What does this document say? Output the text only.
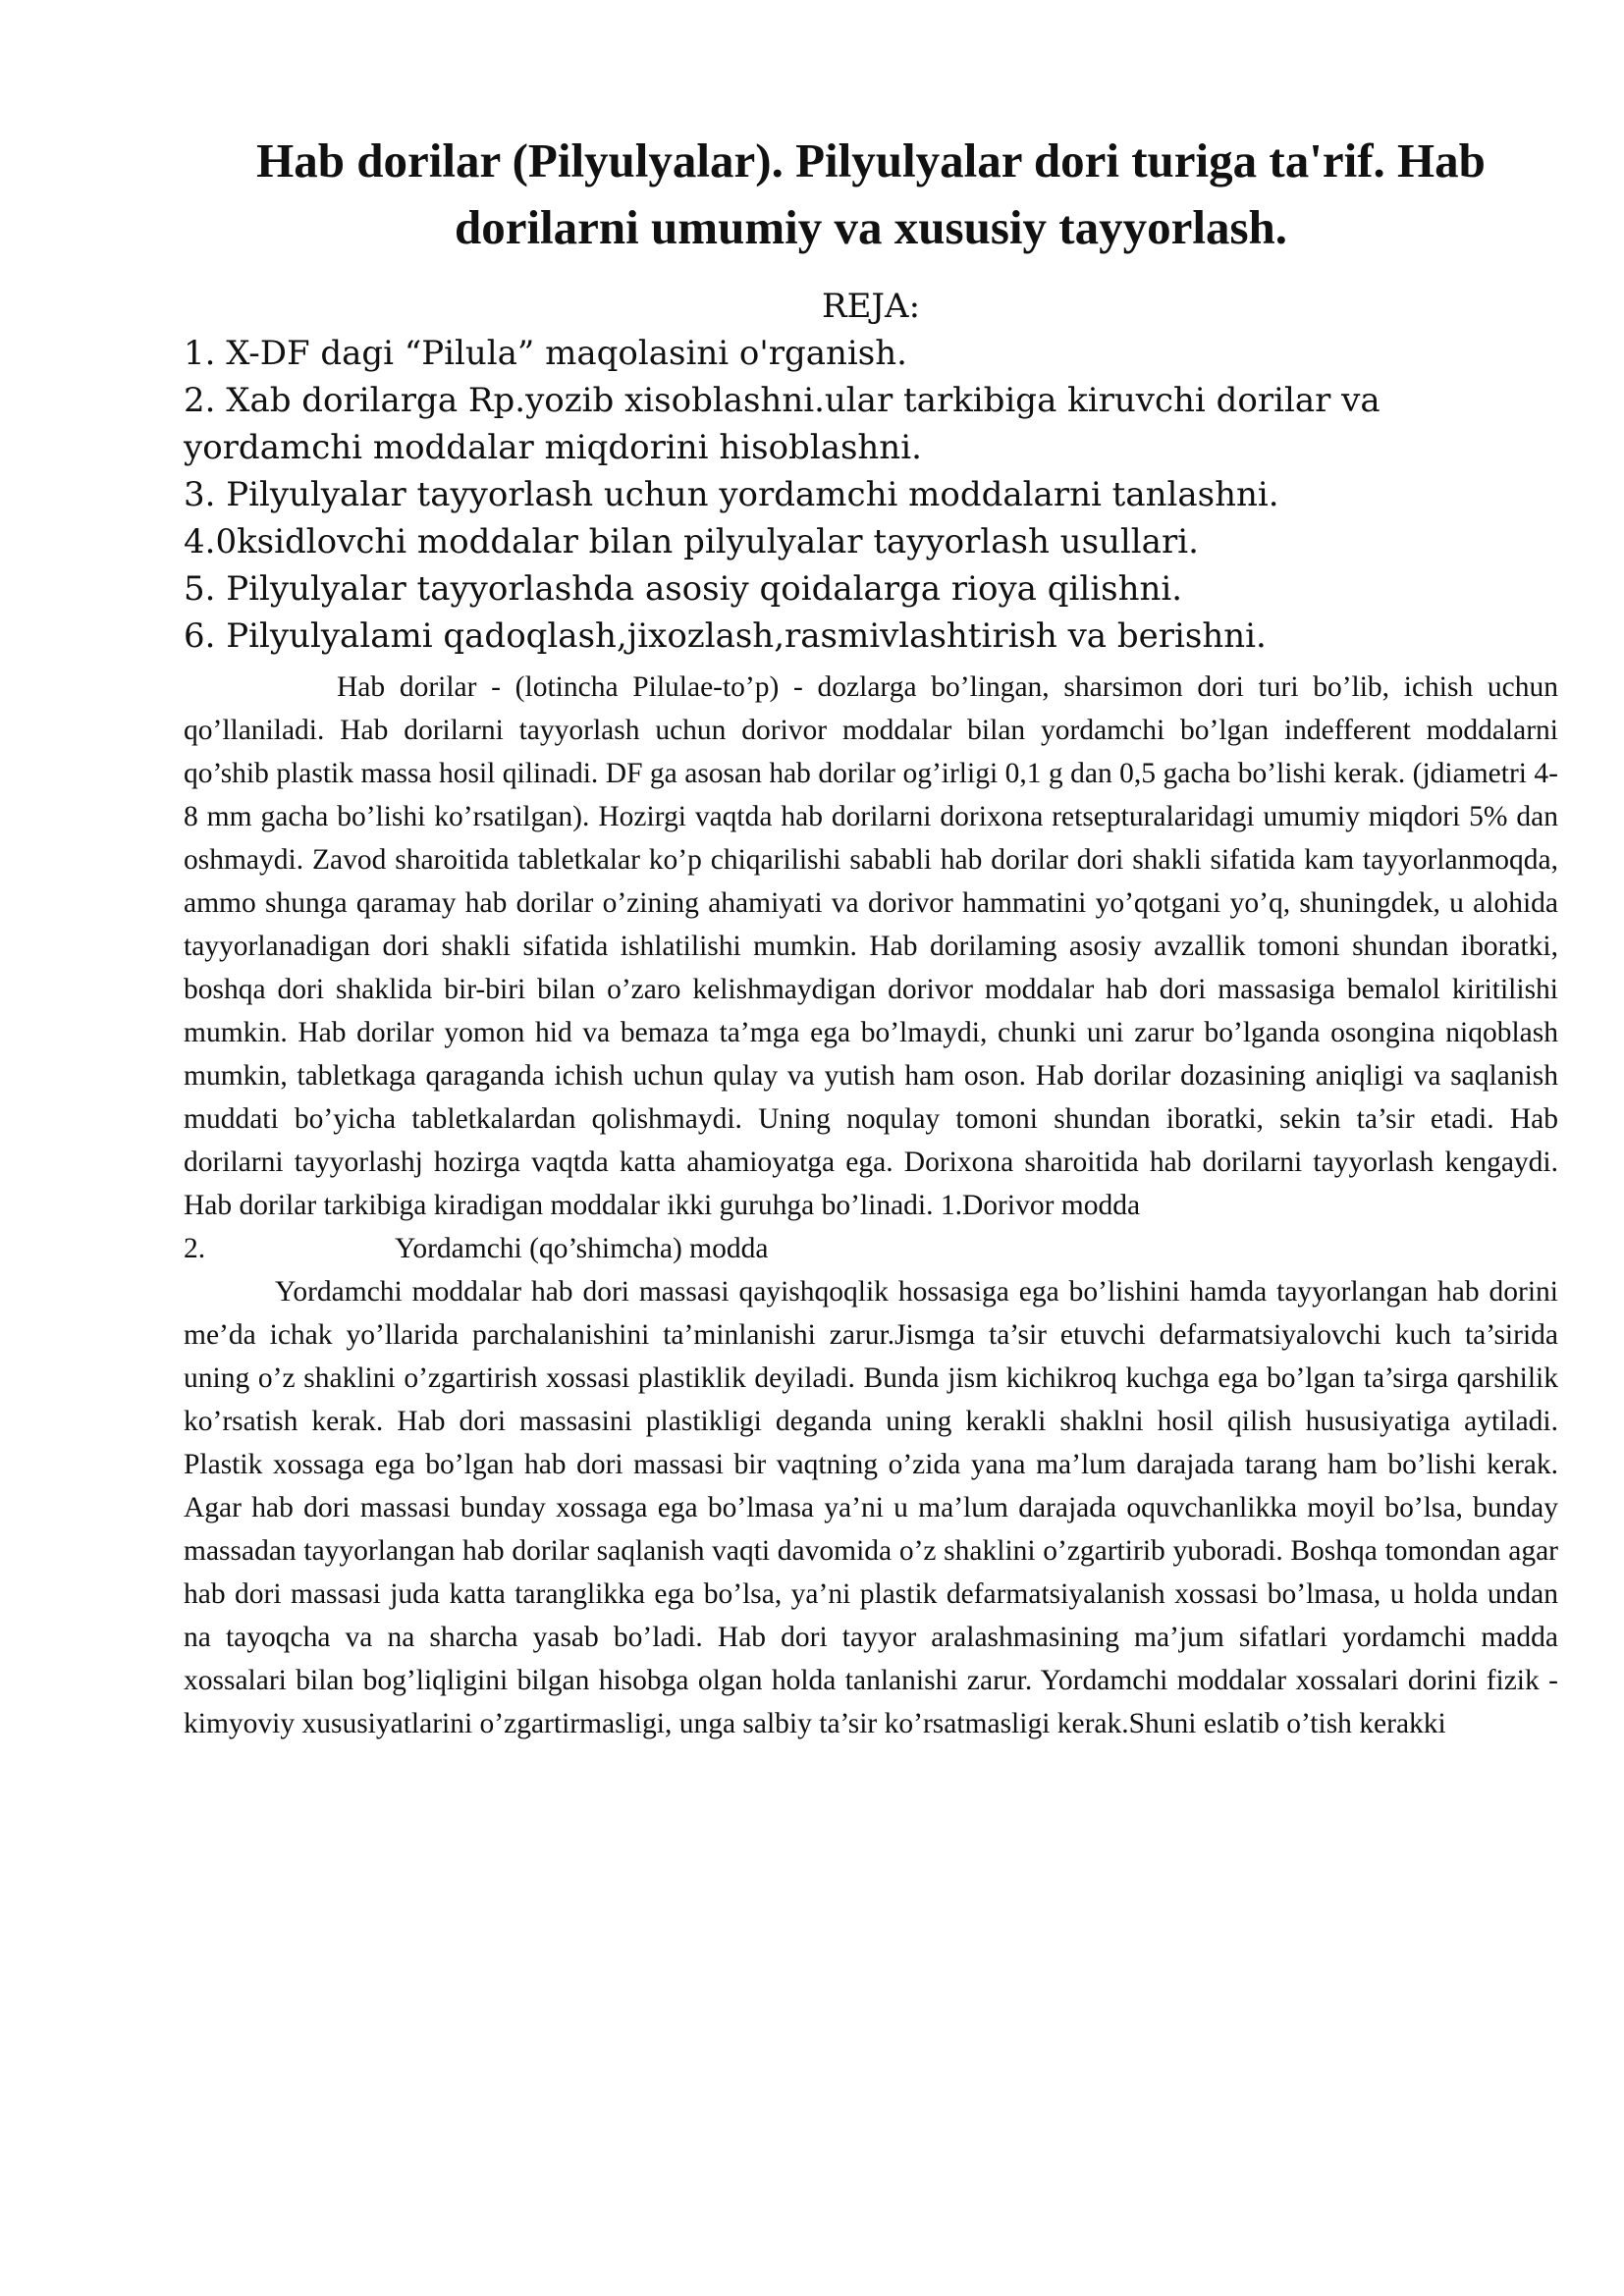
Hab dorilar (Pilyulyalar). Pilyulyalar dori turiga ta'rif. Hab
dorilarni umumiy va xususiy tayyorlash.
REJA:
1. X-DF dagi “Pilula” maqolasini o'rganish.
2. Xab dorilarga Rp.yozib xisoblashni.ular tarkibiga kiruvchi dorilar va
yordamchi moddalar miqdorini hisoblashni.
3. Pilyulyalar tayyorlash uchun yordamchi moddalarni tanlashni.
4.0ksidlovchi moddalar bilan pilyulyalar tayyorlash usullari.
5. Pilyulyalar tayyorlashda asosiy qoidalarga rioya qilishni.
6. Pilyulyalami qadoqlash,jixozlash,rasmivlashtirish va berishni.

Hab dorilar - (lotincha Pilulae-to’p) - dozlarga bo’lingan, sharsimon dori turi bo’lib, ichish uchun qo’llaniladi. Hab dorilarni tayyorlash uchun dorivor moddalar bilan yordamchi bo’lgan indefferent moddalarni qo’shib plastik massa hosil qilinadi. DF ga asosan hab dorilar og’irligi 0,1 g dan 0,5 gacha bo’lishi kerak. (jdiametri 4-8 mm gacha bo’lishi ko’rsatilgan). Hozirgi vaqtda hab dorilarni dorixona retsepturalaridagi umumiy miqdori 5% dan oshmaydi. Zavod sharoitida tabletkalar ko’p chiqarilishi sababli hab dorilar dori shakli sifatida kam tayyorlanmoqda, ammo shunga qaramay hab dorilar o’zining ahamiyati va dorivor hammatini yo’qotgani yo’q, shuningdek, u alohida tayyorlanadigan dori shakli sifatida ishlatilishi mumkin. Hab dorilaming asosiy avzallik tomoni shundan iboratki, boshqa dori shaklida bir-biri bilan o’zaro kelishmaydigan dorivor moddalar hab dori massasiga bemalol kiritilishi mumkin. Hab dorilar yomon hid va bemaza ta’mga ega bo’lmaydi, chunki uni zarur bo’lganda osongina niqoblash mumkin, tabletkaga qaraganda ichish uchun qulay va yutish ham oson. Hab dorilar dozasining aniqligi va saqlanish muddati bo’yicha tabletkalardan qolishmaydi. Uning noqulay tomoni shundan iboratki, sekin ta’sir etadi. Hab dorilarni tayyorlashj hozirga vaqtda katta ahamioyatga ega. Dorixona sharoitida hab dorilarni tayyorlash kengaydi. Hab dorilar tarkibiga kiradigan moddalar ikki guruhga bo’linadi. 1.Dorivor modda

2.	Yordamchi (qo’shimcha) modda

Yordamchi moddalar hab dori massasi qayishqoqlik hossasiga ega bo’lishini hamda tayyorlangan hab dorini me’da ichak yo’llarida parchalanishini ta’minlanishi zarur.Jismga ta’sir etuvchi defarmatsiyalovchi kuch ta’sirida uning o’z shaklini o’zgartirish xossasi plastiklik deyiladi. Bunda jism kichikroq kuchga ega bo’lgan ta’sirga qarshilik ko’rsatish kerak. Hab dori massasini plastikligi deganda uning kerakli shaklni hosil qilish hususiyatiga aytiladi. Plastik xossaga ega bo’lgan hab dori massasi bir vaqtning o’zida yana ma’lum darajada tarang ham bo’lishi kerak. Agar hab dori massasi bunday xossaga ega bo’lmasa ya’ni u ma’lum darajada oquvchanlikka moyil bo’lsa, bunday massadan tayyorlangan hab dorilar saqlanish vaqti davomida o’z shaklini o’zgartirib yuboradi. Boshqa tomondan agar hab dori massasi juda katta taranglikka ega bo’lsa, ya’ni plastik defarmatsiyalanish xossasi bo’lmasa, u holda undan na tayoqcha va na sharcha yasab bo’ladi. Hab dori tayyor aralashmasining ma’jum sifatlari yordamchi madda xossalari bilan bog’liqligini bilgan hisobga olgan holda tanlanishi zarur. Yordamchi moddalar xossalari dorini fizik - kimyoviy xususiyatlarini o’zgartirmasligi, unga salbiy ta’sir ko’rsatmasligi kerak.Shuni eslatib o’tish kerakki
